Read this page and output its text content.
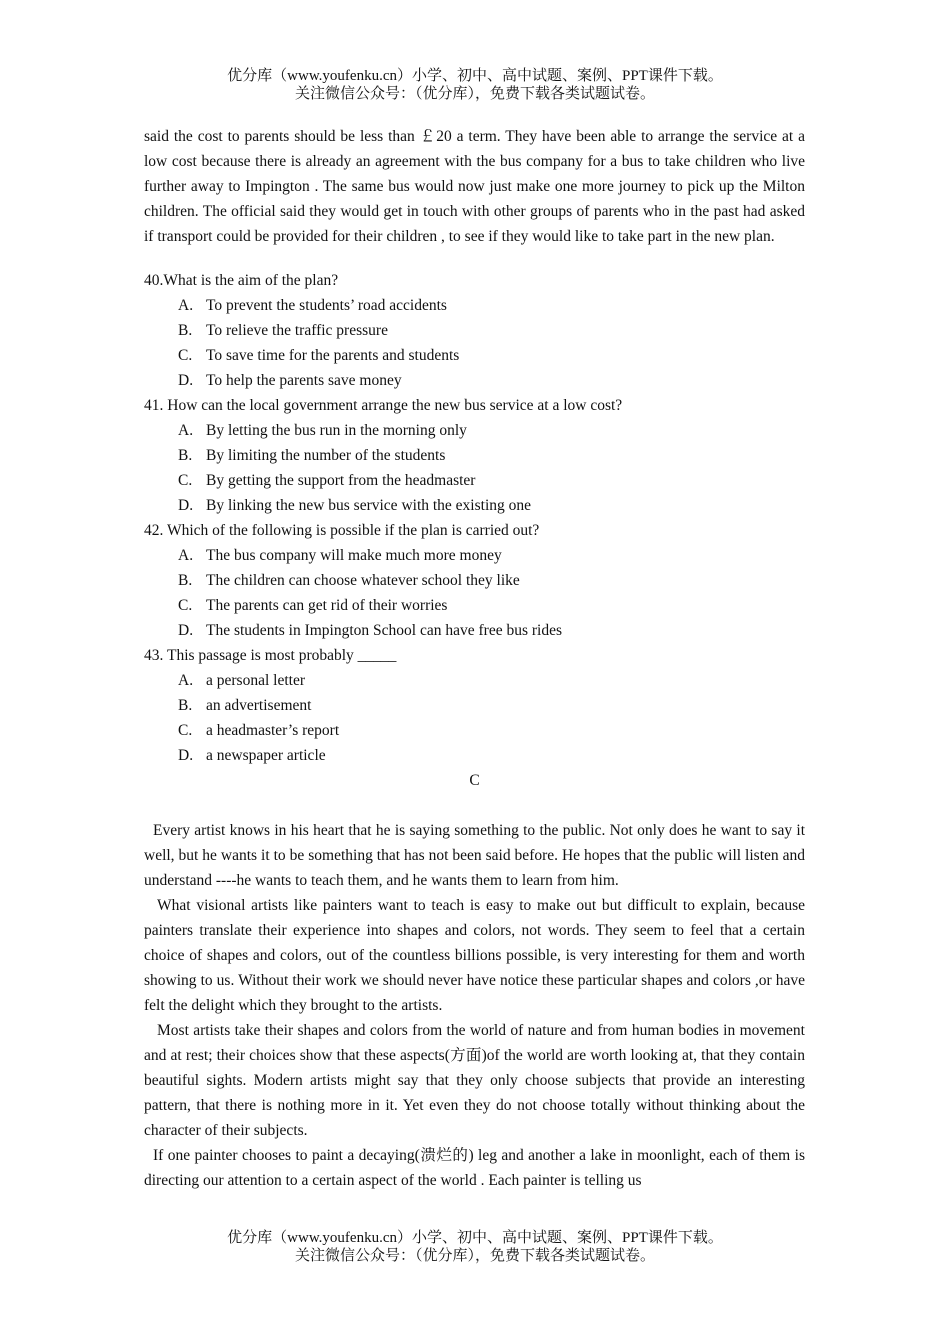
优分库（www.youfenku.cn）小学、初中、高中试题、案例、PPT课件下载。
关注微信公众号：（优分库），免费下载各类试题试卷。

said the cost to parents should be less than ￡20 a term. They have been able to arrange the service at a low cost because there is already an agreement with the bus company for a bus to take children who live further away to Impington . The same bus would now just make one more journey to pick up the Milton children. The official said they would get in touch with other groups of parents who in the past had asked if transport could be provided for their children , to see if they would like to take part in the new plan.

40.What is the aim of the plan?

A. To prevent the students’ road accidents
B. To relieve the traffic pressure
C. To save time for the parents and students
D. To help the parents save money

41. How can the local government arrange the new bus service at a low cost?

A. By letting the bus run in the morning only
B. By limiting the number of the students
C. By getting the support from the headmaster
D. By linking the new bus service with the existing one

42. Which of the following is possible if the plan is carried out?

A. The bus company will make much more money
B. The children can choose whatever school they like
C. The parents can get rid of their worries
D. The students in Impington School can have free bus rides

43. This passage is most probably _____

A. a personal letter
B. an advertisement
C. a headmaster’s report
D. a newspaper article

C

Every artist knows in his heart that he is saying something to the public. Not only does he want to say it well, but he wants it to be something that has not been said before. He hopes that the public will listen and understand ----he wants to teach them, and he wants them to learn from him.

What visional artists like painters want to teach is easy to make out but difficult to explain, because painters translate their experience into shapes and colors, not words. They seem to feel that a certain choice of shapes and colors, out of the countless billions possible, is very interesting for them and worth showing to us. Without their work we should never have notice these particular shapes and colors ,or have felt the delight which they brought to the artists.

Most artists take their shapes and colors from the world of nature and from human bodies in movement and at rest; their choices show that these aspects(方面)of the world are worth looking at, that they contain beautiful sights. Modern artists might say that they only choose subjects that provide an interesting pattern, that there is nothing more in it. Yet even they do not choose totally without thinking about the character of their subjects.

If one painter chooses to paint a decaying(溃烂的) leg and another a lake in moonlight, each of them is directing our attention to a certain aspect of the world . Each painter is telling us

优分库（www.youfenku.cn）小学、初中、高中试题、案例、PPT课件下载。
关注微信公众号：（优分库），免费下载各类试题试卷。
